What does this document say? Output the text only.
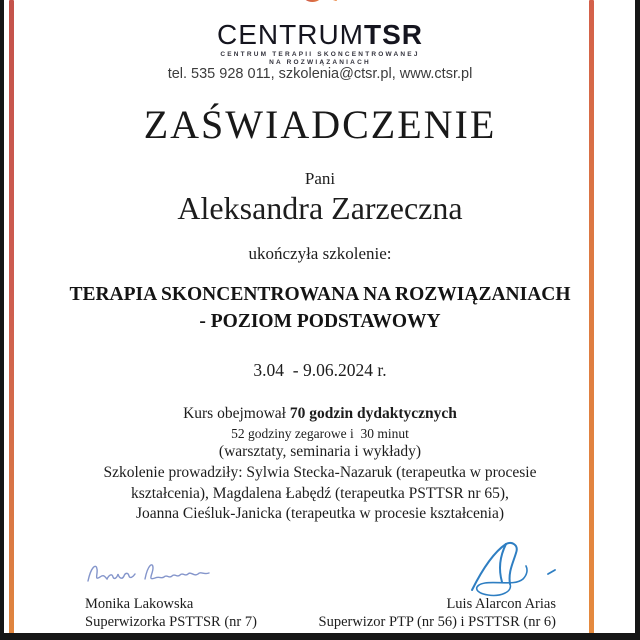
CENTRUMTSR
CENTRUM TERAPII SKONCENTROWANEJ
NA ROZWIĄZANIACH
tel. 535 928 011, szkolenia@ctsr.pl, www.ctsr.pl
ZAŚWIADCZENIE
Pani
Aleksandra Zarzeczna
ukończyła szkolenie:
TERAPIA SKONCENTROWANA NA ROZWIĄZANIACH
- POZIOM PODSTAWOWY
3.04  - 9.06.2024 r.
Kurs obejmował 70 godzin dydaktycznych
52 godziny zegarowe i  30 minut
(warsztaty, seminaria i wykłady)
Szkolenie prowadziły: Sylwia Stecka-Nazaruk (terapeutka w procesie
kształcenia), Magdalena Łabędź (terapeutka PSTTSR nr 65),
Joanna Cieśluk-Janicka (terapeutka w procesie kształcenia)
Monika Lakowska
Superwizorka PSTTSR (nr 7)
Luis Alarcon Arias
Superwizor PTP (nr 56) i PSTTSR (nr 6)
